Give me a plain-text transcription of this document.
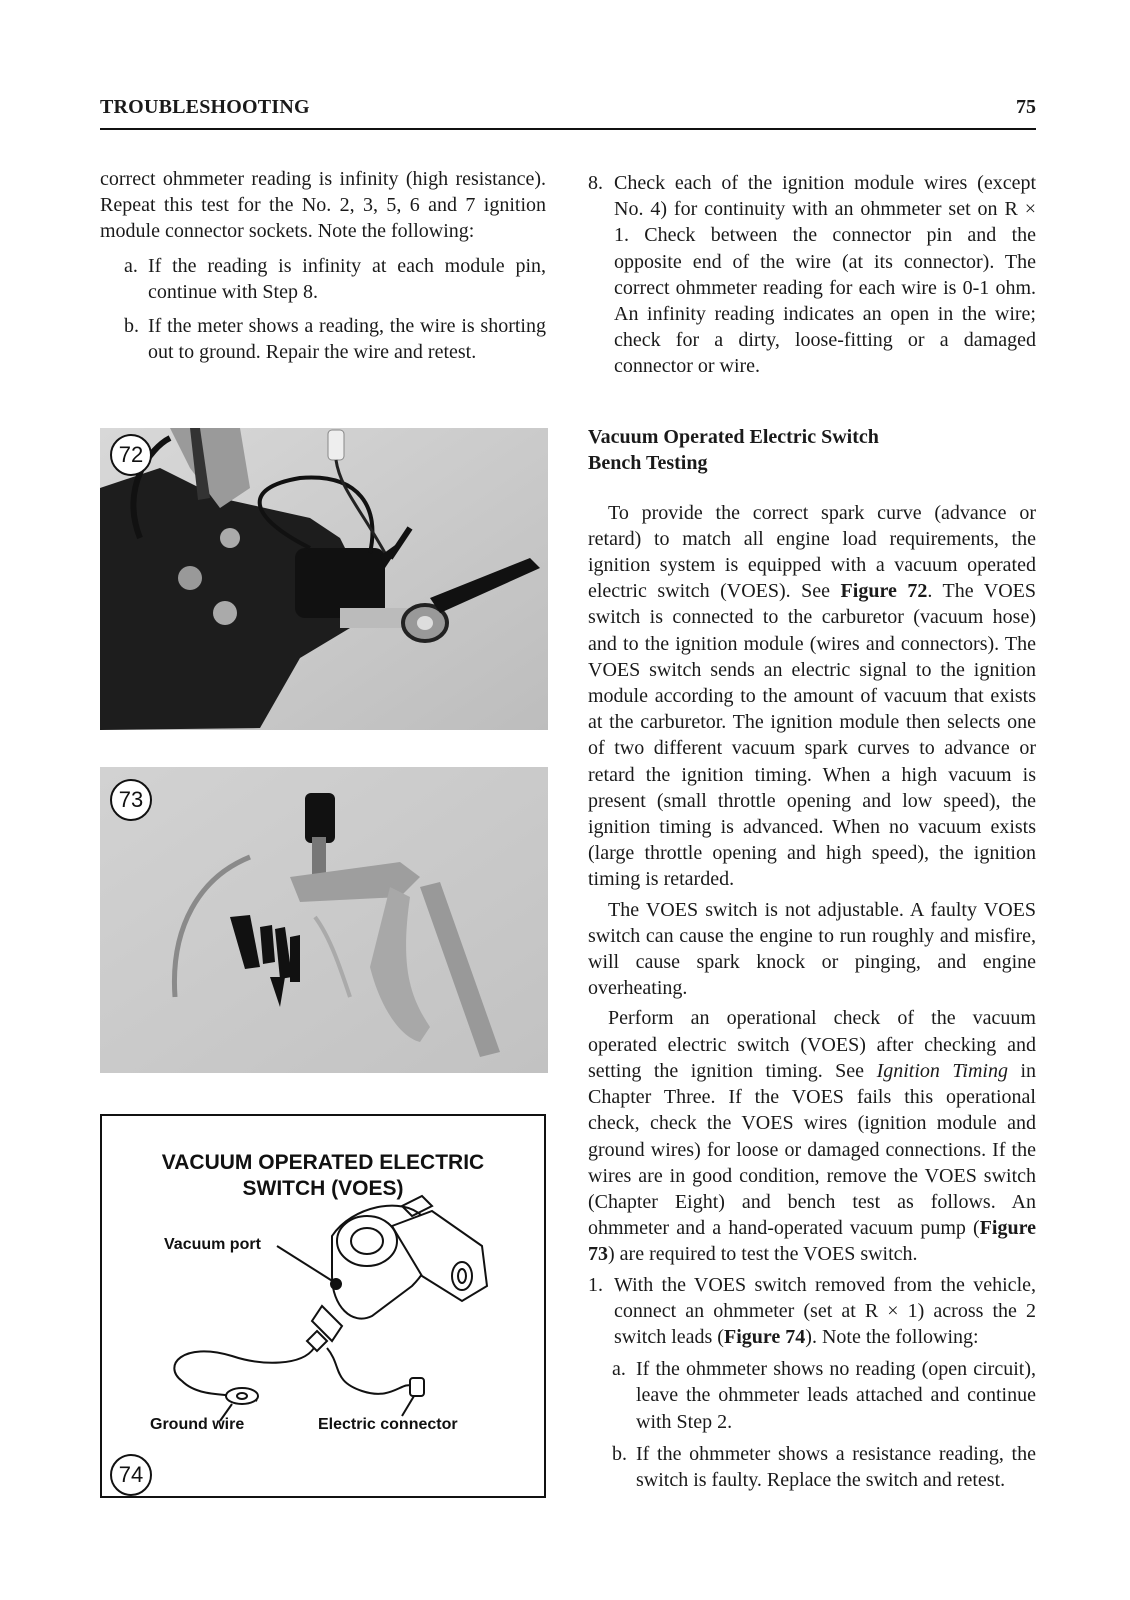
TROUBLESHOOTING	75

correct ohmmeter reading is infinity (high resistance). Repeat this test for the No. 2, 3, 5, 6 and 7 ignition module connector sockets. Note the following:

a. If the reading is infinity at each module pin, continue with Step 8.
b. If the meter shows a reading, the wire is shorting out to ground. Repair the wire and retest.
72
73
VACUUM OPERATED ELECTRIC
SWITCH (VOES)
Vacuum port
Ground wire	Electric connector
74
8. Check each of the ignition module wires (except No. 4) for continuity with an ohmmeter set on R × 1. Check between the connector pin and the opposite end of the wire (at its connector). The correct ohmmeter reading for each wire is 0-1 ohm. An infinity reading indicates an open in the wire; check for a dirty, loose-fitting or a damaged connector or wire.
Vacuum Operated Electric Switch
Bench Testing

To provide the correct spark curve (advance or retard) to match all engine load requirements, the ignition system is equipped with a vacuum operated electric switch (VOES). See Figure 72. The VOES switch is connected to the carburetor (vacuum hose) and to the ignition module (wires and connectors). The VOES switch sends an electric signal to the ignition module according to the amount of vacuum that exists at the carburetor. The ignition module then selects one of two different vacuum spark curves to advance or retard the ignition timing. When a high vacuum is present (small throttle opening and low speed), the ignition timing is advanced. When no vacuum exists (large throttle opening and high speed), the ignition timing is retarded.

The VOES switch is not adjustable. A faulty VOES switch can cause the engine to run roughly and misfire, will cause spark knock or pinging, and engine overheating.

Perform an operational check of the vacuum operated electric switch (VOES) after checking and setting the ignition timing. See Ignition Timing in Chapter Three. If the VOES fails this operational check, check the VOES wires (ignition module and ground wires) for loose or damaged connections. If the wires are in good condition, remove the VOES switch (Chapter Eight) and bench test as follows. An ohmmeter and a hand-operated vacuum pump (Figure 73) are required to test the VOES switch.

1. With the VOES switch removed from the vehicle, connect an ohmmeter (set at R × 1) across the 2 switch leads (Figure 74). Note the following:
a. If the ohmmeter shows no reading (open circuit), leave the ohmmeter leads attached and continue with Step 2.
b. If the ohmmeter shows a resistance reading, the switch is faulty. Replace the switch and retest.
